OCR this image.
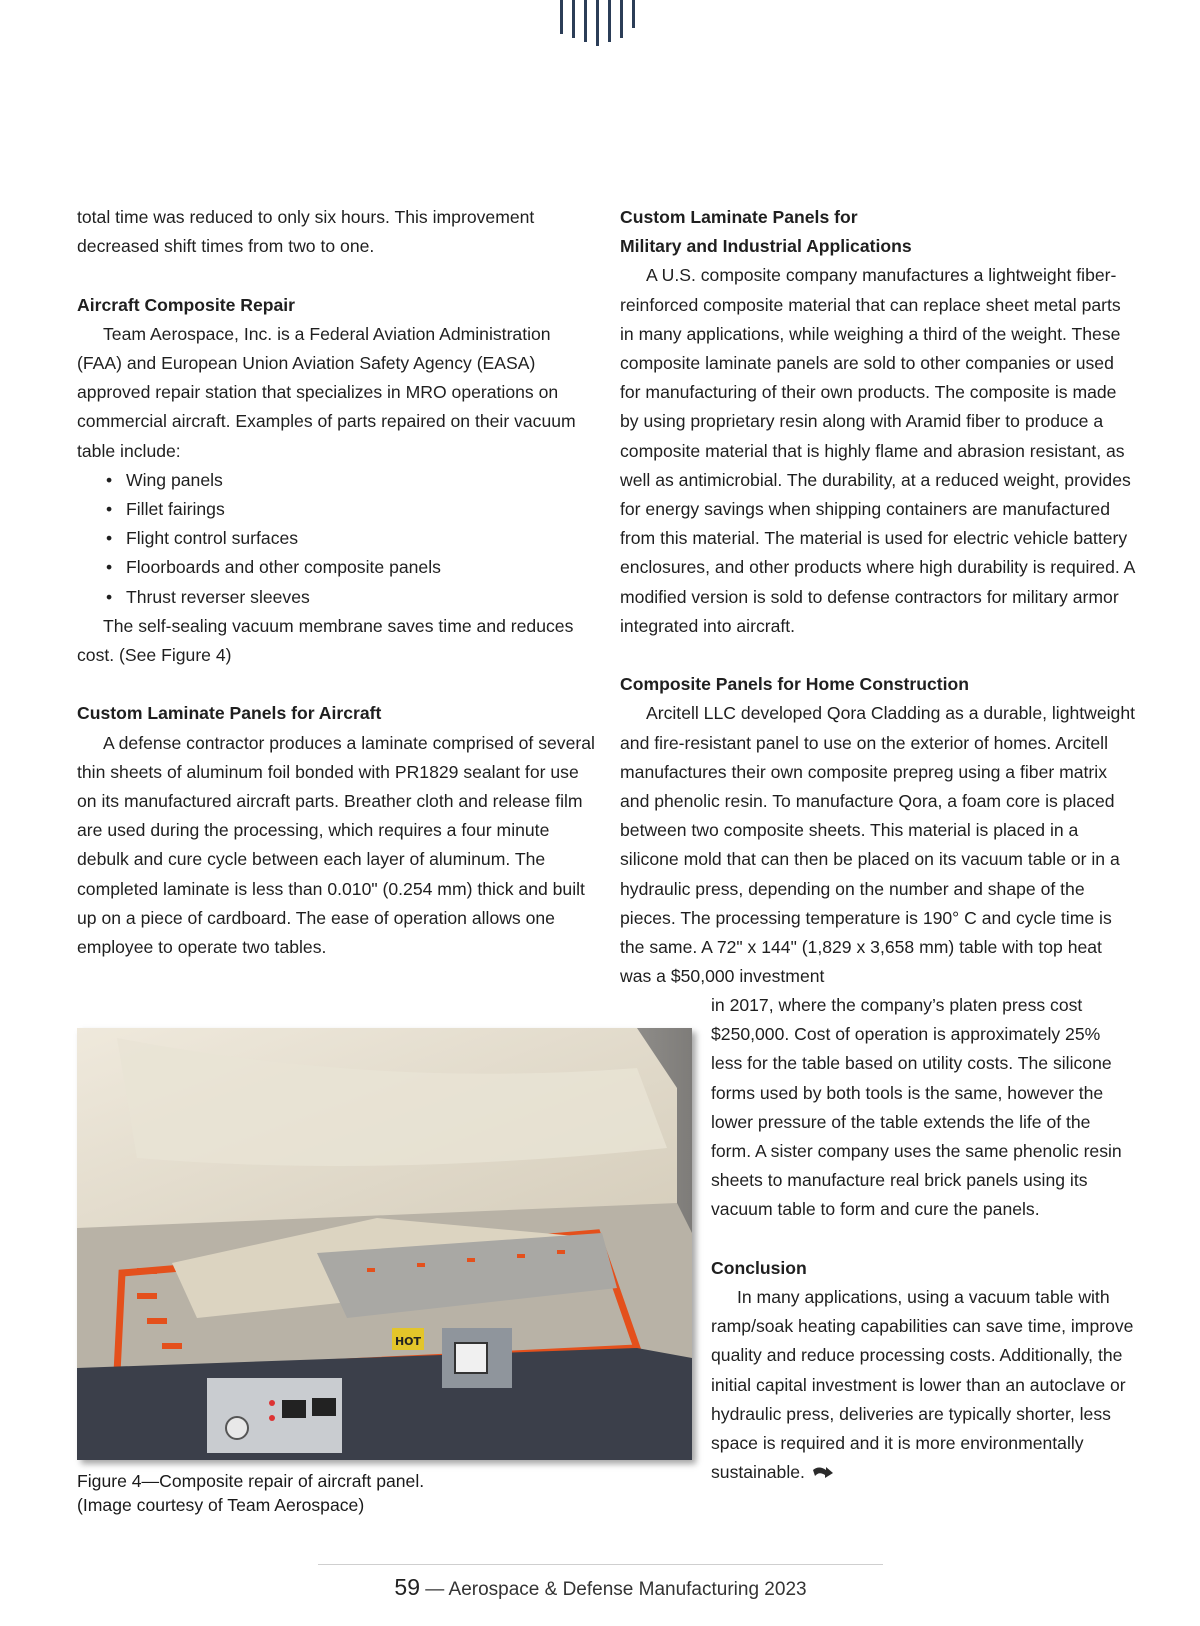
total time was reduced to only six hours. This improvement decreased shift times from two to one.

Aircraft Composite Repair

Team Aerospace, Inc. is a Federal Aviation Administration (FAA) and European Union Aviation Safety Agency (EASA) approved repair station that specializes in MRO operations on commercial aircraft. Examples of parts repaired on their vacuum table include:

• Wing panels
• Fillet fairings
• Flight control surfaces
• Floorboards and other composite panels
• Thrust reverser sleeves

The self-sealing vacuum membrane saves time and reduces cost. (See Figure 4)

Custom Laminate Panels for Aircraft

A defense contractor produces a laminate comprised of several thin sheets of aluminum foil bonded with PR1829 sealant for use on its manufactured aircraft parts. Breather cloth and release film are used during the processing, which requires a four minute debulk and cure cycle between each layer of aluminum. The completed laminate is less than 0.010" (0.254 mm) thick and built up on a piece of cardboard. The ease of operation allows one employee to operate two tables.

Custom Laminate Panels for
Military and Industrial Applications

A U.S. composite company manufactures a lightweight fiber-reinforced composite material that can replace sheet metal parts in many applications, while weighing a third of the weight. These composite laminate panels are sold to other companies or used for manufacturing of their own products. The composite is made by using proprietary resin along with Aramid fiber to produce a composite material that is highly flame and abrasion resistant, as well as antimicrobial. The durability, at a reduced weight, provides for energy savings when shipping containers are manufactured from this material. The material is used for electric vehicle battery enclosures, and other products where high durability is required. A modified version is sold to defense contractors for military armor integrated into aircraft.

Composite Panels for Home Construction

Arcitell LLC developed Qora Cladding as a durable, lightweight and fire-resistant panel to use on the exterior of homes. Arcitell manufactures their own composite prepreg using a fiber matrix and phenolic resin. To manufacture Qora, a foam core is placed between two composite sheets. This material is placed in a silicone mold that can then be placed on its vacuum table or in a hydraulic press, depending on the number and shape of the pieces. The processing temperature is 190° C and cycle time is the same. A 72" x 144" (1,829 x 3,658 mm) table with top heat was a $50,000 investment

in 2017, where the company’s platen press cost $250,000. Cost of operation is approximately 25% less for the table based on utility costs. The silicone forms used by both tools is the same, however the lower pressure of the table extends the life of the form. A sister company uses the same phenolic resin sheets to manufacture real brick panels using its vacuum table to form and cure the panels.

Conclusion

In many applications, using a vacuum table with ramp/soak heating capabilities can save time, improve quality and reduce processing costs. Additionally, the initial capital investment is lower than an autoclave or hydraulic press, deliveries are typically shorter, less space is required and it is more environmentally sustainable.

HOT
Figure 4—Composite repair of aircraft panel.
(Image courtesy of Team Aerospace)
59 — Aerospace & Defense Manufacturing 2023
